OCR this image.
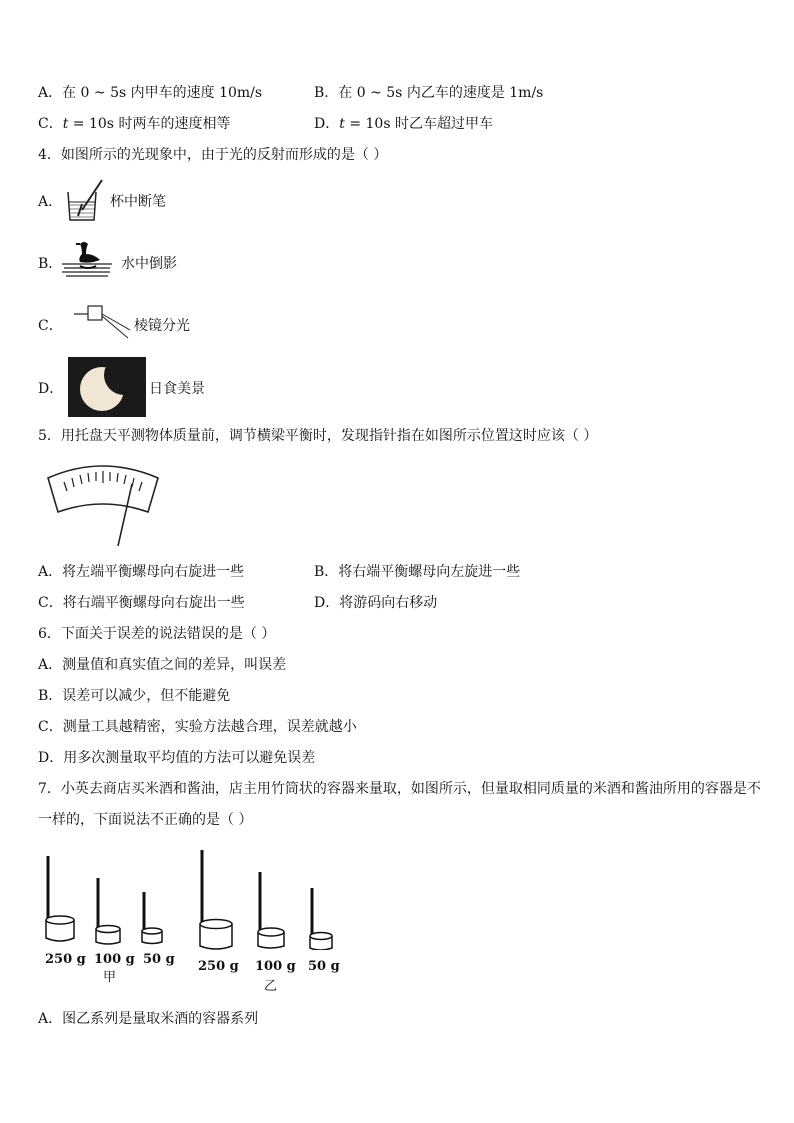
A．在 0 ~ 5s 内甲车的速度 10m/s	B．在 0 ~ 5s 内乙车的速度是 1m/s
C．t = 10s 时两车的速度相等	D．t = 10s 时乙车超过甲车
4．如图所示的光现象中，由于光的反射而形成的是（ ）
A．	杯中断笔
B．	水中倒影
C．	棱镜分光
D．	日食美景
5．用托盘天平测物体质量前，调节横梁平衡时，发现指针指在如图所示位置这时应该（ ）
A．将左端平衡螺母向右旋进一些	B．将右端平衡螺母向左旋进一些
C．将右端平衡螺母向右旋出一些	D．将游码向右移动
6．下面关于误差的说法错误的是（ ）
A．测量值和真实值之间的差异，叫误差
B．误差可以减少，但不能避免
C．测量工具越精密，实验方法越合理，误差就越小
D．用多次测量取平均值的方法可以避免误差
7．小英去商店买米酒和酱油，店主用竹筒状的容器来量取，如图所示，但量取相同质量的米酒和酱油所用的容器是不
一样的，下面说法不正确的是（ ）
250 g 100 g 50 g 250 g 100 g 50 g
甲
乙
A．图乙系列是量取米酒的容器系列
